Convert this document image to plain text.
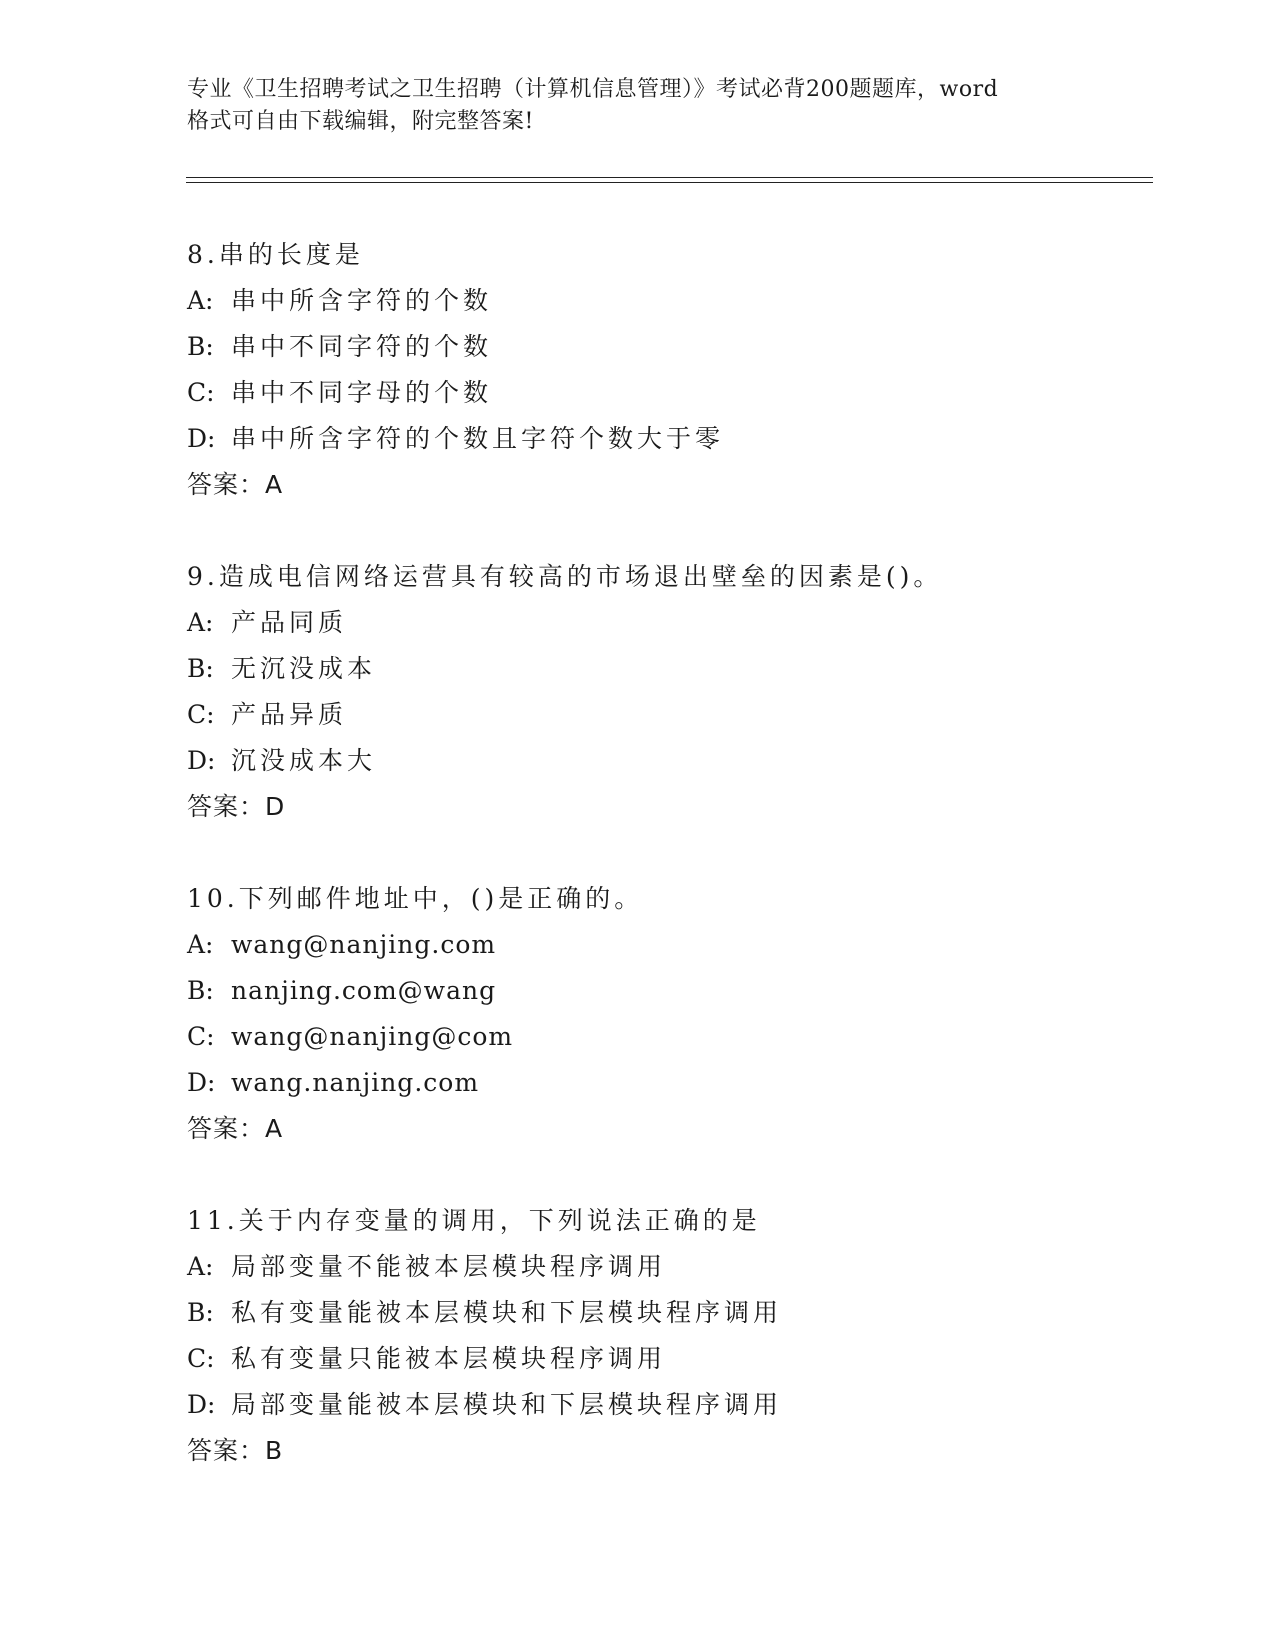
专业《卫生招聘考试之卫生招聘（计算机信息管理）》考试必背200题题库，word
格式可自由下载编辑，附完整答案!
8.串的长度是
A: 串中所含字符的个数
B: 串中不同字符的个数
C: 串中不同字母的个数
D: 串中所含字符的个数且字符个数大于零
答案：A
9.造成电信网络运营具有较高的市场退出壁垒的因素是()。
A: 产品同质
B: 无沉没成本
C: 产品异质
D: 沉没成本大
答案：D
10.下列邮件地址中，()是正确的。
A: wang@nanjing.com
B: nanjing.com@wang
C: wang@nanjing@com
D: wang.nanjing.com
答案：A
11.关于内存变量的调用，下列说法正确的是
A: 局部变量不能被本层模块程序调用
B: 私有变量能被本层模块和下层模块程序调用
C: 私有变量只能被本层模块程序调用
D: 局部变量能被本层模块和下层模块程序调用
答案：B
